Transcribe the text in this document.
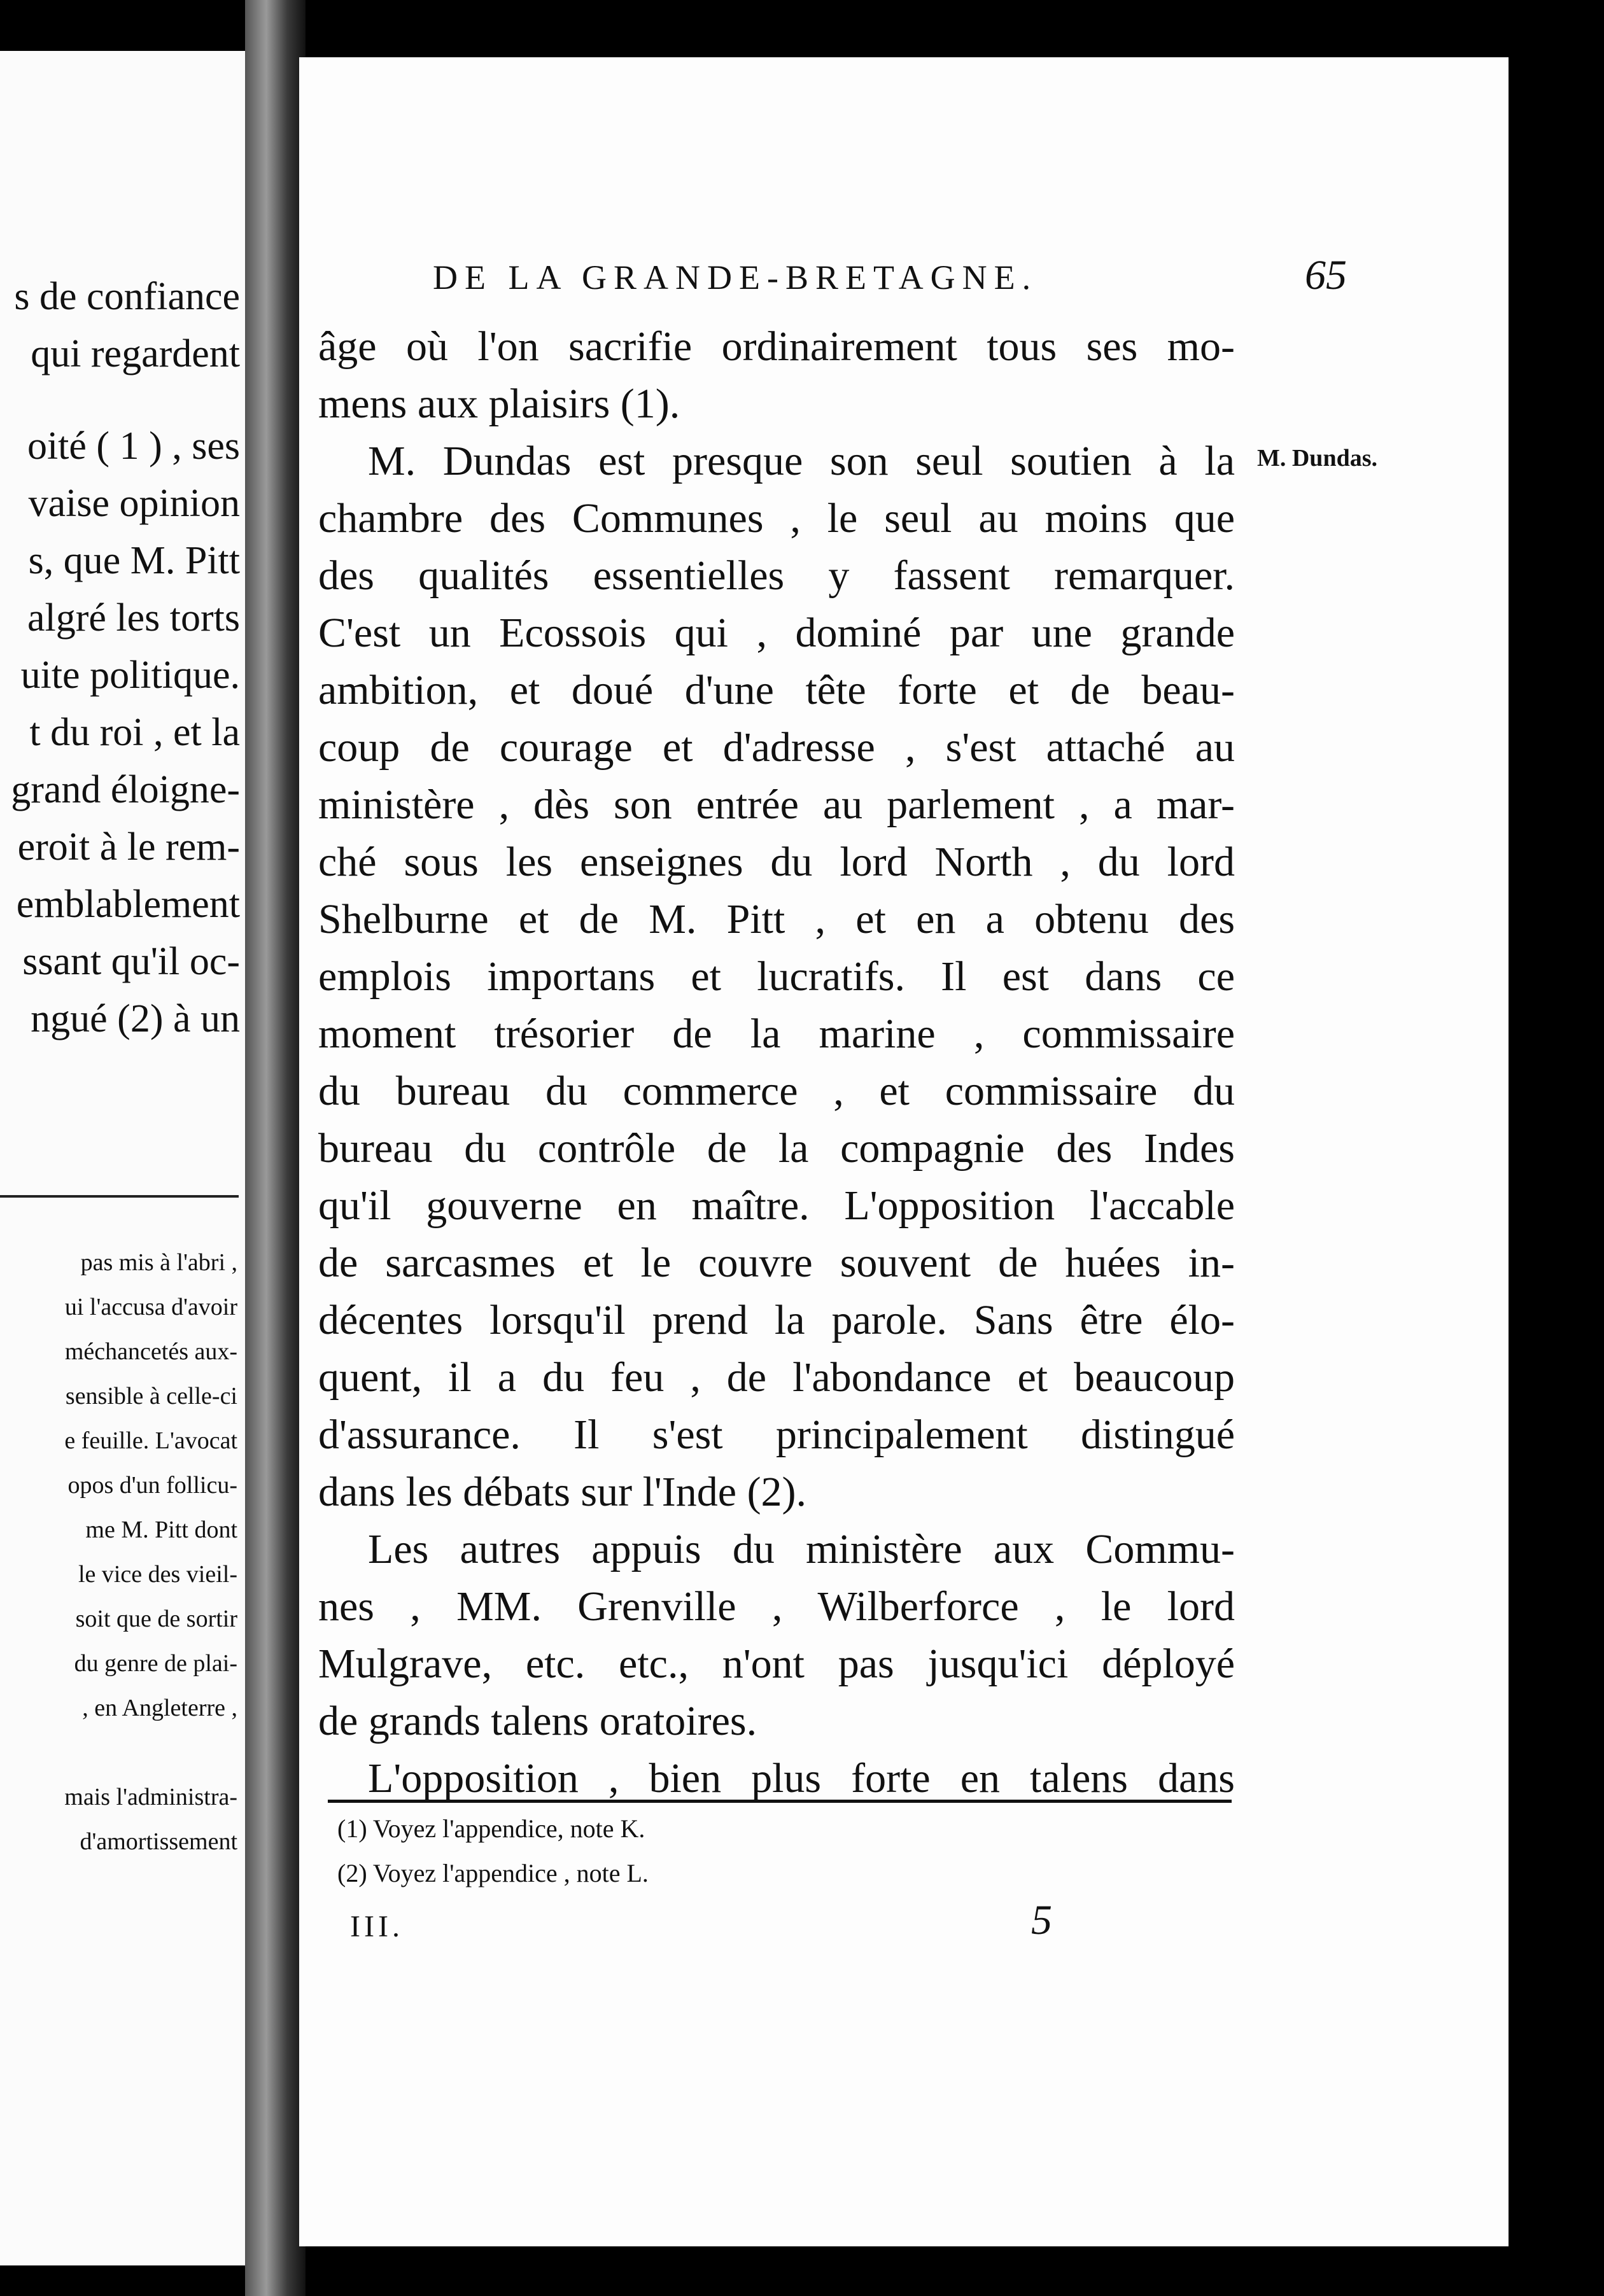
s de confiance
qui regardent
oité ( 1 ) , ses
vaise opinion
s, que M. Pitt
algré les torts
uite politique.
t du roi , et la
grand éloigne-
eroit à le rem-
emblablement
ssant qu'il oc-
ngué (2) à un
pas mis à l'abri ,
ui l'accusa d'avoir
méchancetés aux-
sensible à celle-ci
e feuille. L'avocat
opos d'un follicu-
me M. Pitt dont
le vice des vieil-
soit que de sortir
du genre de plai-
, en Angleterre ,
mais l'administra-
d'amortissement
DE LA GRANDE-BRETAGNE.	65
M. Dundas.
âge où l'on sacrifie ordinairement tous ses mo-
mens aux plaisirs (1).
M. Dundas est presque son seul soutien à la
chambre des Communes , le seul au moins que
des qualités essentielles y fassent remarquer.
C'est un Ecossois qui , dominé par une grande
ambition, et doué d'une tête forte et de beau-
coup de courage et d'adresse , s'est attaché au
ministère , dès son entrée au parlement , a mar-
ché sous les enseignes du lord North , du lord
Shelburne et de M. Pitt , et en a obtenu des
emplois importans et lucratifs. Il est dans ce
moment trésorier de la marine , commissaire
du bureau du commerce , et commissaire du
bureau du contrôle de la compagnie des Indes
qu'il gouverne en maître. L'opposition l'accable
de sarcasmes et le couvre souvent de huées in-
décentes lorsqu'il prend la parole. Sans être élo-
quent, il a du feu , de l'abondance et beaucoup
d'assurance. Il s'est principalement distingué
dans les débats sur l'Inde (2).
Les autres appuis du ministère aux Commu-
nes , MM. Grenville , Wilberforce , le lord
Mulgrave, etc. etc., n'ont pas jusqu'ici déployé
de grands talens oratoires.
L'opposition , bien plus forte en talens dans
(1) Voyez l'appendice, note K.
(2) Voyez l'appendice , note L.
III.	5
